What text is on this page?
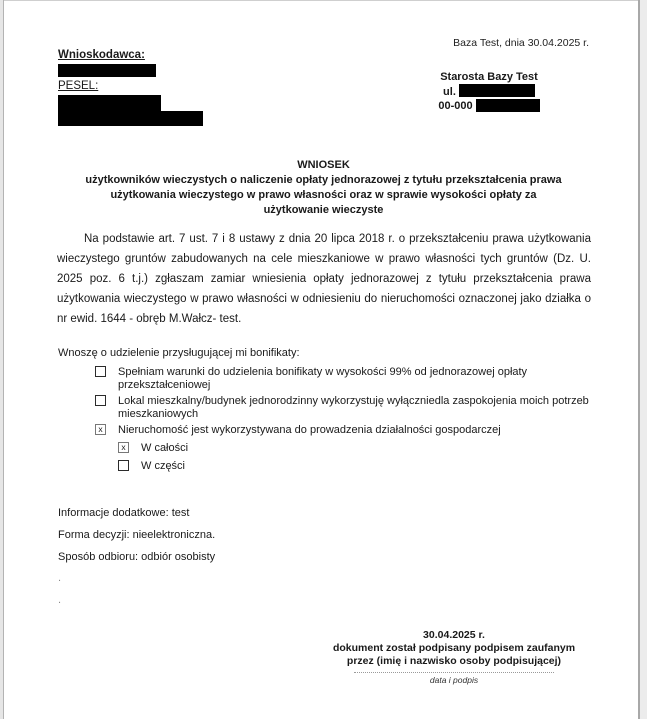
Baza Test, dnia 30.04.2025 r.
Wnioskodawca:
PESEL:
Starosta Bazy Test
ul.
00-000
WNIOSEK
użytkowników wieczystych o naliczenie opłaty jednorazowej z tytułu przekształcenia prawa
użytkowania wieczystego w prawo własności oraz w sprawie wysokości opłaty za
użytkowanie wieczyste
Na podstawie art. 7 ust. 7 i 8 ustawy z dnia 20 lipca 2018 r. o przekształceniu prawa użytkowania wieczystego gruntów zabudowanych na cele mieszkaniowe w prawo własności tych gruntów (Dz. U. 2025 poz. 6 t.j.) zgłaszam zamiar wniesienia opłaty jednorazowej z tytułu przekształcenia prawa użytkowania wieczystego w prawo własności w odniesieniu do nieruchomości oznaczonej jako działka o nr ewid. 1644 - obręb M.Wałcz- test.
Wnoszę o udzielenie przysługującej mi bonifikaty:
Spełniam warunki do udzielenia bonifikaty w wysokości 99% od jednorazowej opłaty przekształceniowej
Lokal mieszkalny/budynek jednorodzinny wykorzystuję wyłączniedla zaspokojenia moich potrzeb mieszkaniowych
x	Nieruchomość jest wykorzystywana do prowadzenia działalności gospodarczej
x	W całości
W części
Informacje dodatkowe: test
Forma decyzji: nieelektroniczna.
Sposób odbioru: odbiór osobisty
.
.
30.04.2025 r.
dokument został podpisany podpisem zaufanym
przez (imię i nazwisko osoby podpisującej)
data i podpis
